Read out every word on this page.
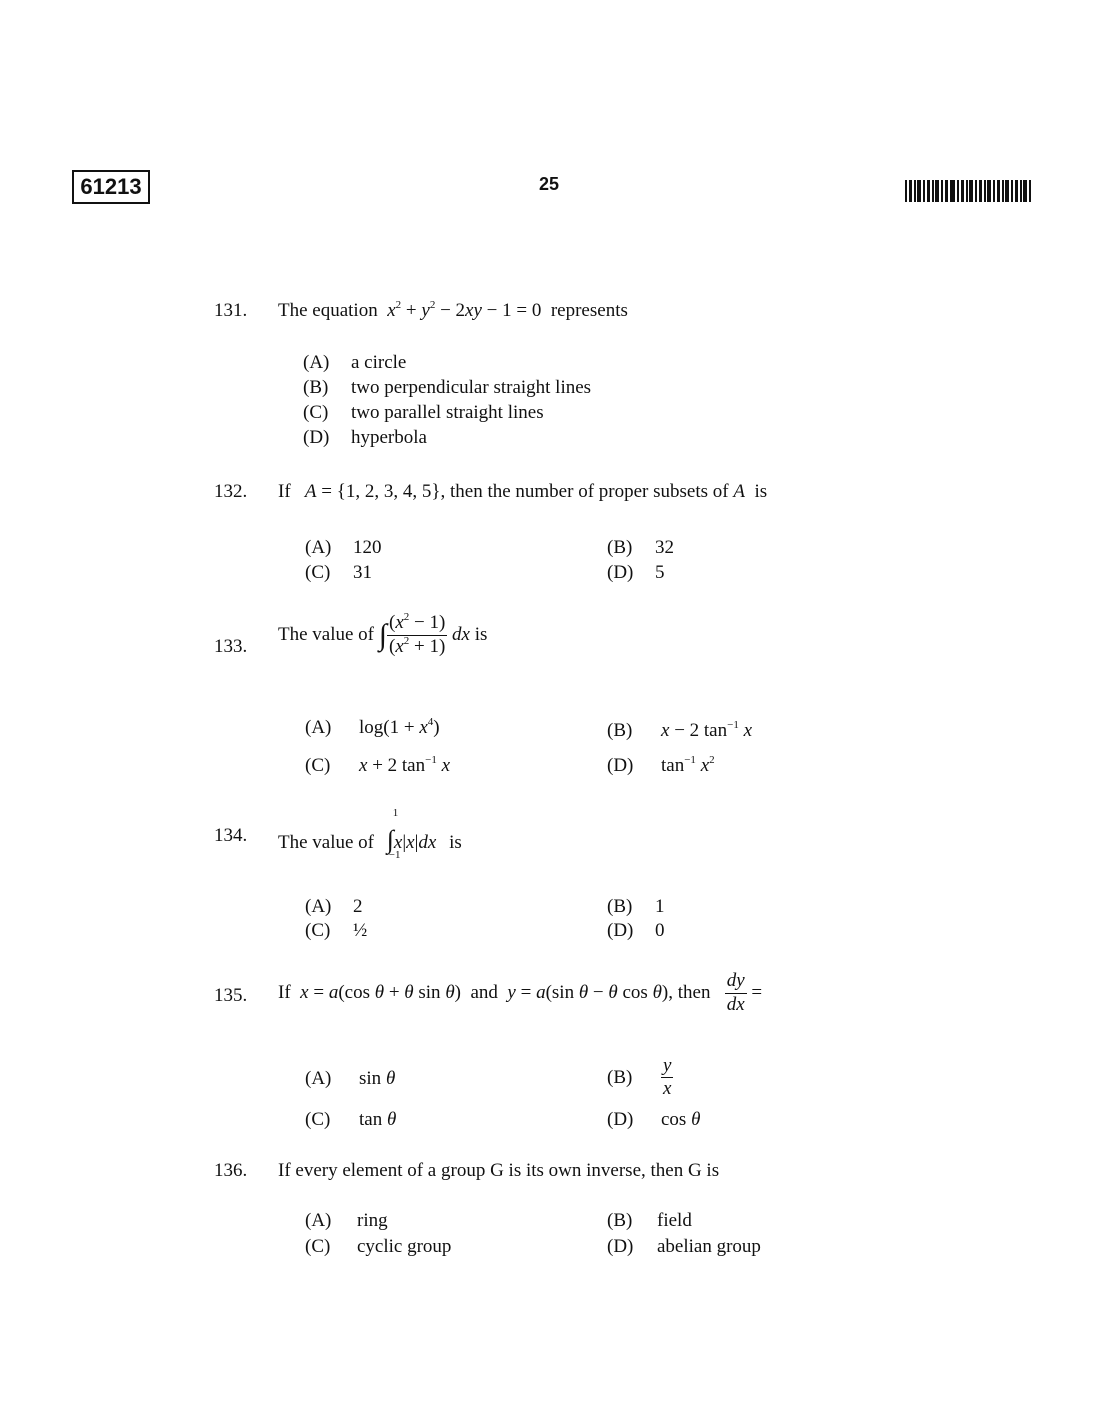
61213	25
131. The equation $x^2 + y^2 - 2xy - 1 = 0$  represents
(A) a circle
(B) two perpendicular straight lines
(C) two parallel straight lines
(D) hyperbola
132. If A = {1, 2, 3, 4, 5}, then the number of proper subsets of A is
(A) 120	(B) 32
(C) 31	(D) 5
133.
The value of ∫ $\frac{(x^2 - 1)}{(x^2 + 1)}$ dx is
(A) $\log(1 + x^4)$	(B) x − 2 $\tan^{-1} x$
(C) x + 2 $\tan^{-1} x$	(D) $\tan^{-1} x^2$
134. The value of
1
∫x|x|dx
−1
is
(A) 2	(B) 1
(C) ½	(D) 0
135. If x = a(cos θ + θ sin θ)  and y = a(sin θ − θ cos θ), then $\frac{dy}{dx}$ =
(A) sin θ	$(B) \frac{y}{x}$
(C) tan θ	(D) cos θ
136. If every element of a group G is its own inverse, then G is
(A) ring	(B) field
(C) cyclic group	(D) abelian group
